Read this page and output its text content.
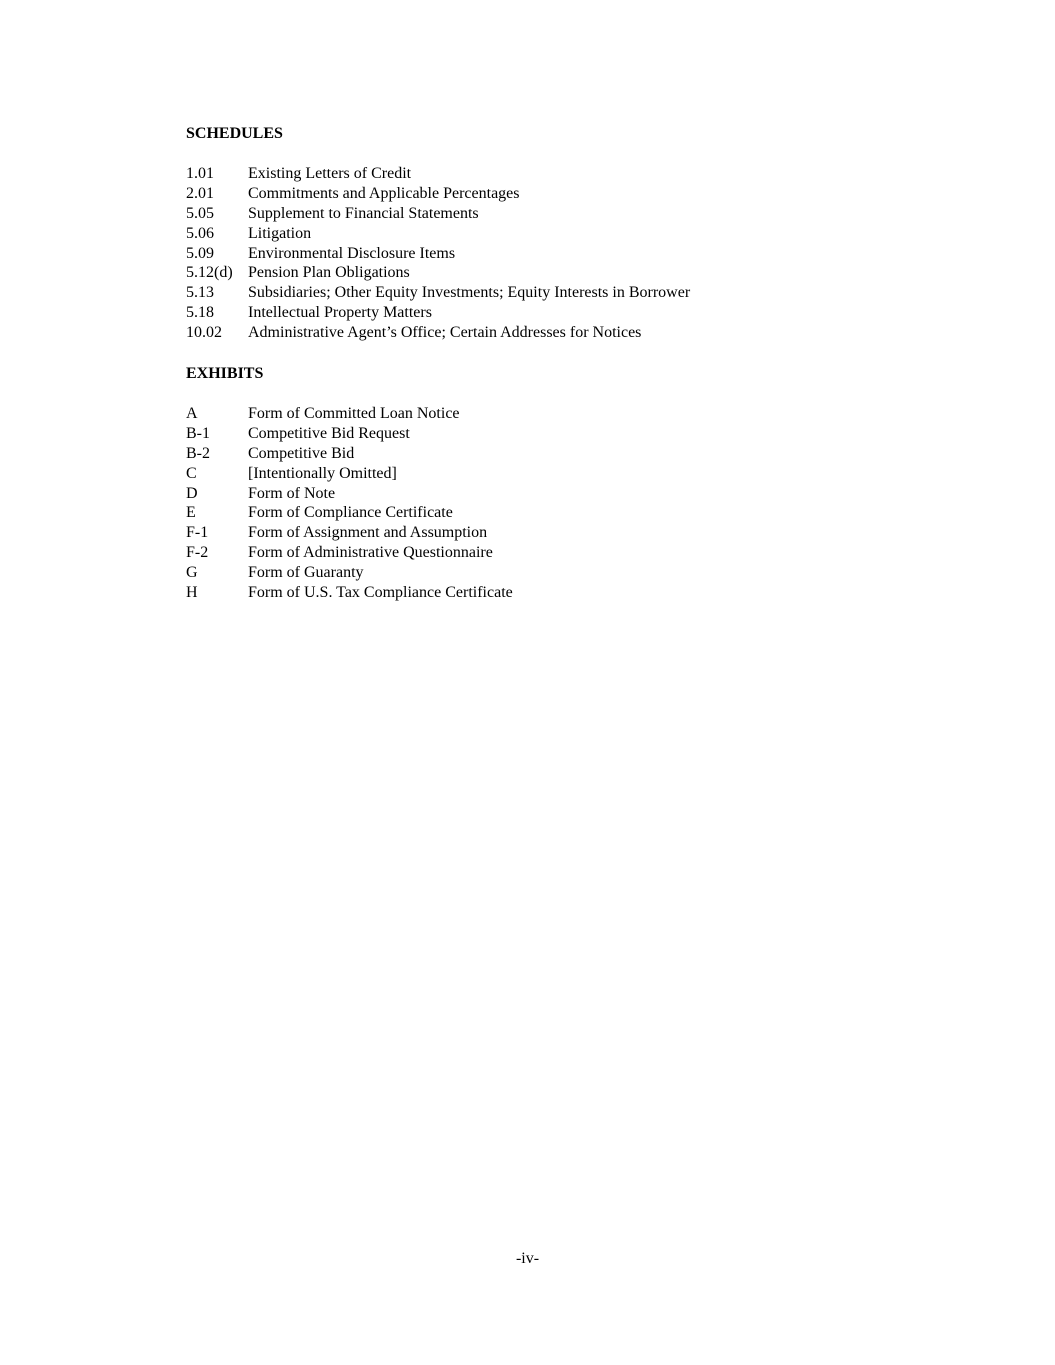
SCHEDULES
1.01	Existing Letters of Credit
2.01	Commitments and Applicable Percentages
5.05	Supplement to Financial Statements
5.06	Litigation
5.09	Environmental Disclosure Items
5.12(d) Pension Plan Obligations
5.13	Subsidiaries; Other Equity Investments; Equity Interests in Borrower
5.18	Intellectual Property Matters
10.02	Administrative Agent’s Office; Certain Addresses for Notices
EXHIBITS
A	Form of Committed Loan Notice
B-1	Competitive Bid Request
B-2	Competitive Bid
C	[Intentionally Omitted]
D	Form of Note
E	Form of Compliance Certificate
F-1	Form of Assignment and Assumption
F-2	Form of Administrative Questionnaire
G	Form of Guaranty
H	Form of U.S. Tax Compliance Certificate
-iv-
